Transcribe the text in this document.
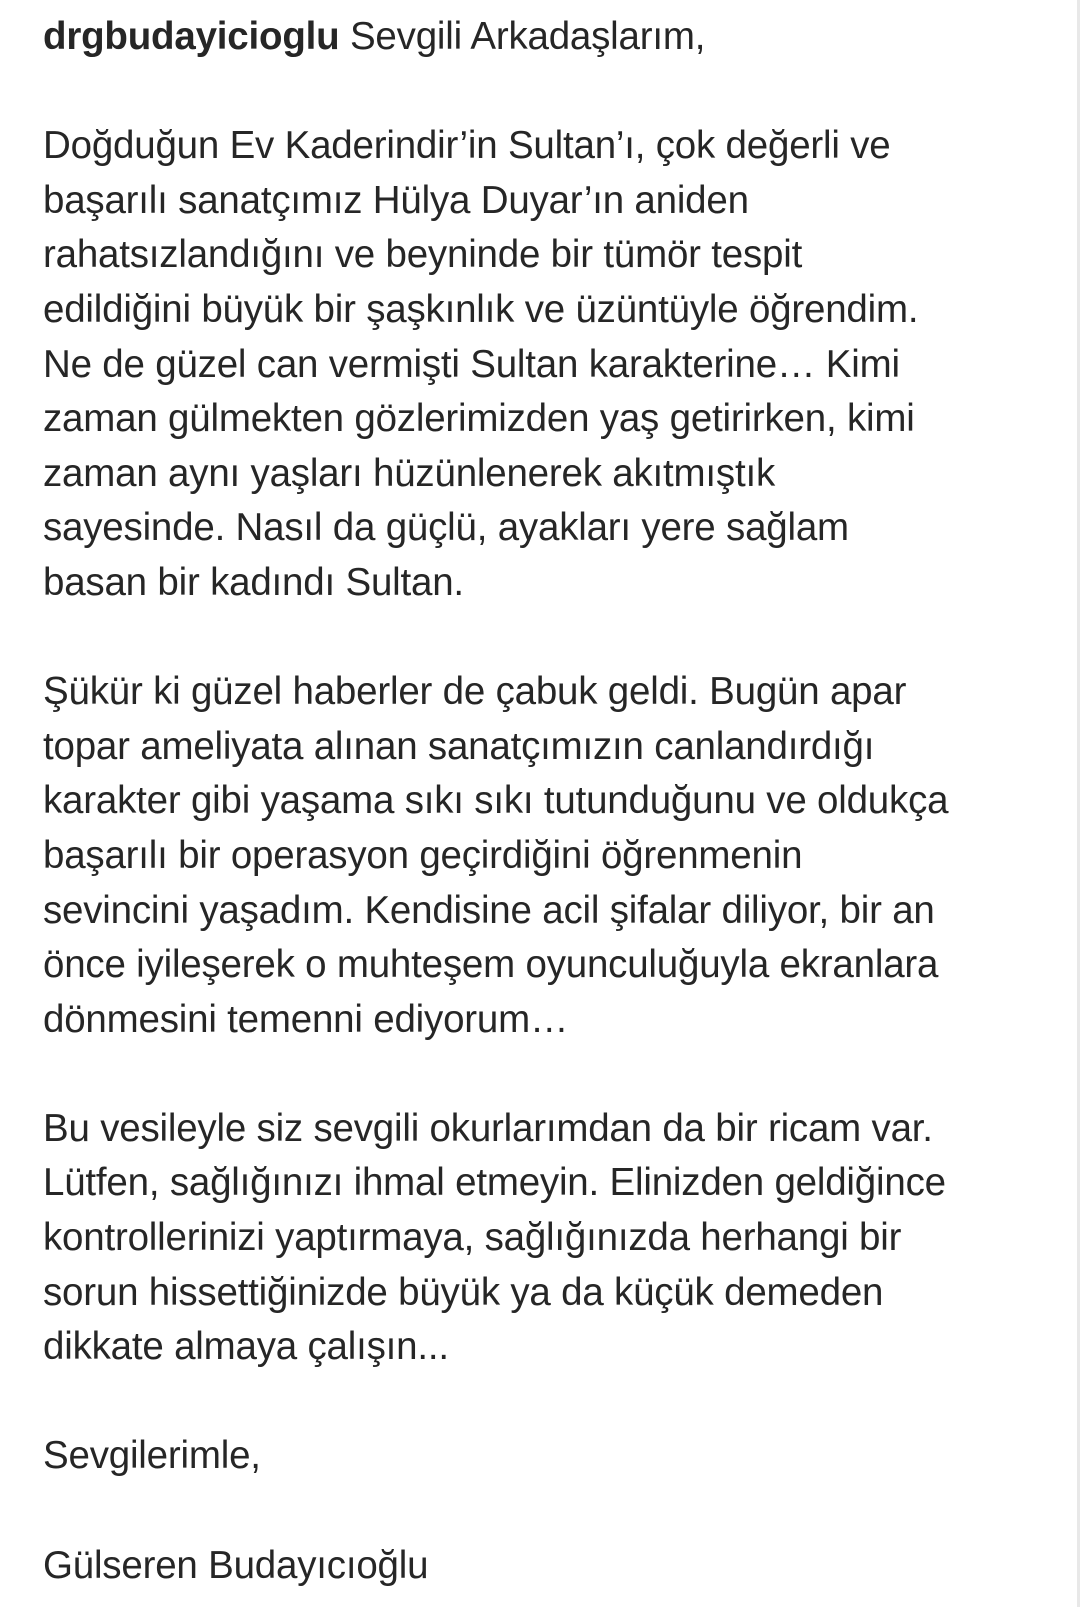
drgbudayicioglu Sevgili Arkadaşlarım,

Doğduğun Ev Kaderindir’in Sultan’ı, çok değerli ve
başarılı sanatçımız Hülya Duyar’ın aniden
rahatsızlandığını ve beyninde bir tümör tespit
edildiğini büyük bir şaşkınlık ve üzüntüyle öğrendim.
Ne de güzel can vermişti Sultan karakterine… Kimi
zaman gülmekten gözlerimizden yaş getirirken, kimi
zaman aynı yaşları hüzünlenerek akıtmıştık
sayesinde. Nasıl da güçlü, ayakları yere sağlam
basan bir kadındı Sultan.

Şükür ki güzel haberler de çabuk geldi. Bugün apar
topar ameliyata alınan sanatçımızın canlandırdığı
karakter gibi yaşama sıkı sıkı tutunduğunu ve oldukça
başarılı bir operasyon geçirdiğini öğrenmenin
sevincini yaşadım. Kendisine acil şifalar diliyor, bir an
önce iyileşerek o muhteşem oyunculuğuyla ekranlara
dönmesini temenni ediyorum…

Bu vesileyle siz sevgili okurlarımdan da bir ricam var.
Lütfen, sağlığınızı ihmal etmeyin. Elinizden geldiğince
kontrollerinizi yaptırmaya, sağlığınızda herhangi bir
sorun hissettiğinizde büyük ya da küçük demeden
dikkate almaya çalışın...

Sevgilerimle,

Gülseren Budayıcıoğlu
